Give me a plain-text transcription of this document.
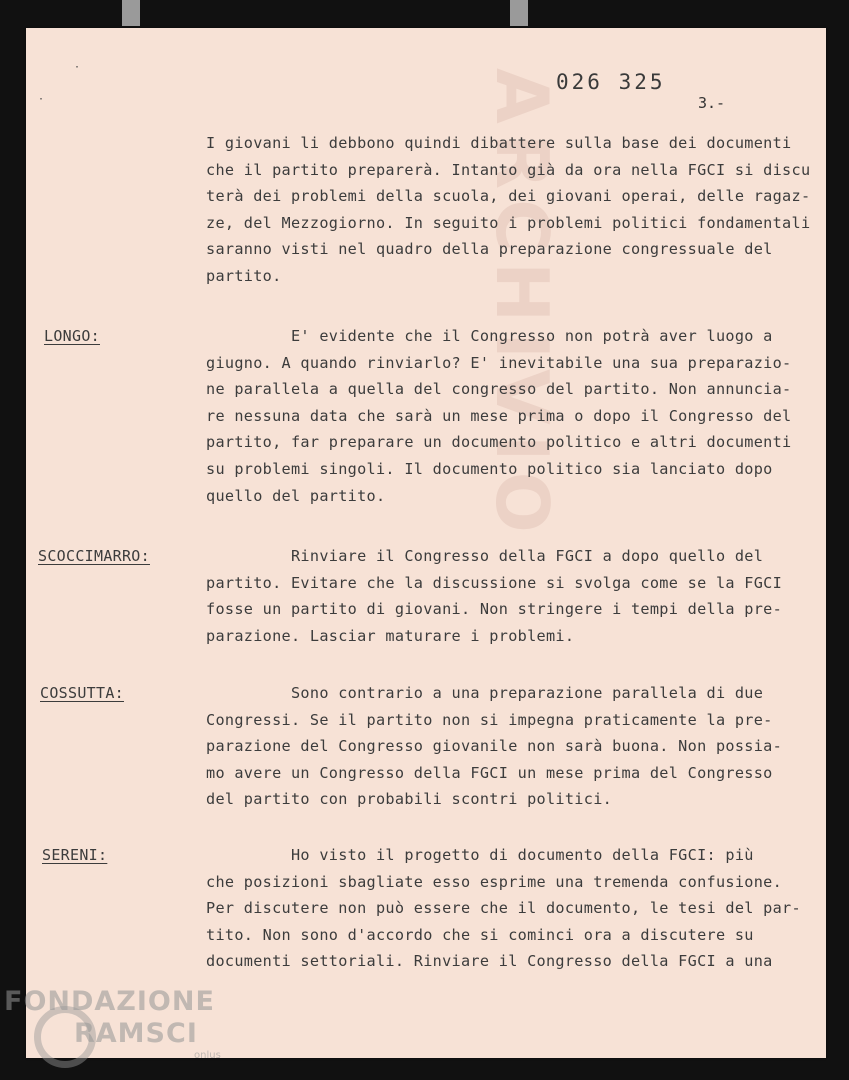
ARCHIVIO
·
·
026 325
3.-
I giovani li debbono quindi dibattere sulla base dei documenti
che il partito preparerà. Intanto già da ora nella FGCI si discu
terà dei problemi della scuola, dei giovani operai, delle ragaz-
ze, del Mezzogiorno. In seguito i problemi politici fondamentali
saranno visti nel quadro della preparazione congressuale del
partito.
LONGO:	E' evidente che il Congresso non potrà aver luogo a
giugno. A quando rinviarlo? E' inevitabile una sua preparazio-
ne parallela a quella del congresso del partito. Non annuncia-
re nessuna data che sarà un mese prima o dopo il Congresso del
partito, far preparare un documento politico e altri documenti
su problemi singoli. Il documento politico sia lanciato dopo
quello del partito.
SCOCCIMARRO:	Rinviare il Congresso della FGCI a dopo quello del
partito. Evitare che la discussione si svolga come se la FGCI
fosse un partito di giovani. Non stringere i tempi della pre-
parazione. Lasciar maturare i problemi.
COSSUTTA:	Sono contrario a una preparazione parallela di due
Congressi. Se il partito non si impegna praticamente la pre-
parazione del Congresso giovanile non sarà buona. Non possia-
mo avere un Congresso della FGCI un mese prima del Congresso
del partito con probabili scontri politici.
SERENI:	Ho visto il progetto di documento della FGCI: più
che posizioni sbagliate esso esprime una tremenda confusione.
Per discutere non può essere che il documento, le tesi del par-
tito. Non sono d'accordo che si cominci ora a discutere su
documenti settoriali. Rinviare il Congresso della FGCI a una
FONDAZIONE
RAMSCI
onlus
